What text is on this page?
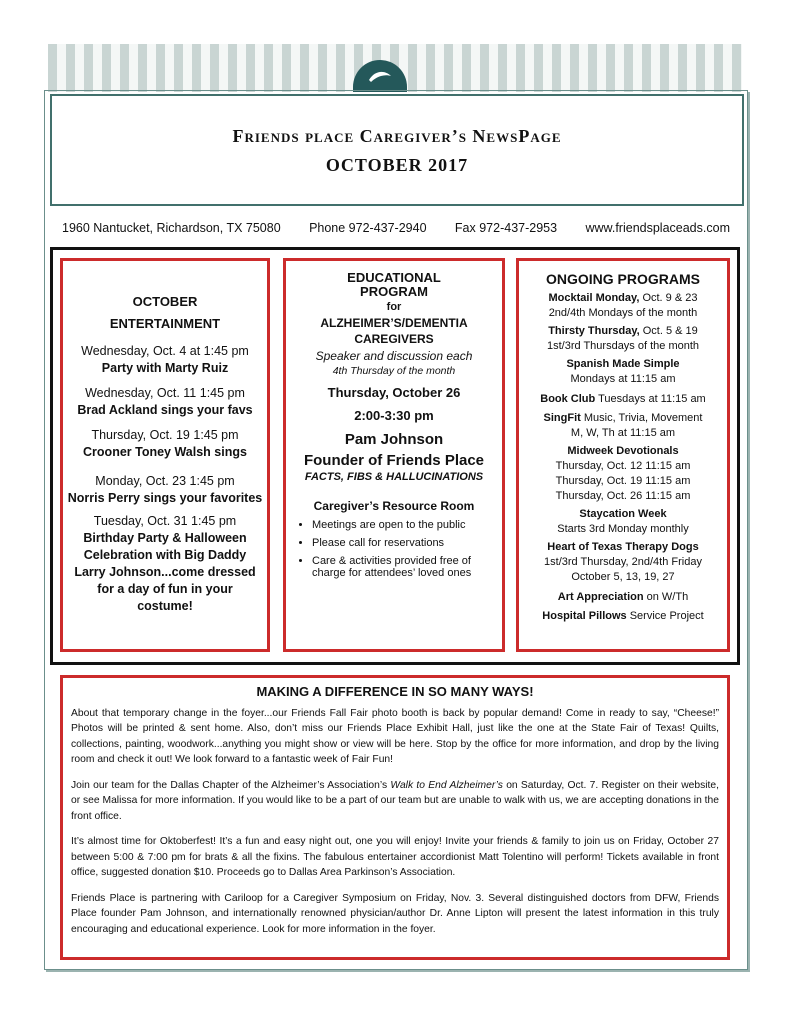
Friends place Caregiver’s NewsPage
OCTOBER 2017
1960 Nantucket, Richardson, TX 75080 Phone 972-437-2940 Fax 972-437-2953 www.friendsplaceads.com
OCTOBER ENTERTAINMENT

Wednesday, Oct. 4 at 1:45 pm

Party with Marty Ruiz

Wednesday, Oct. 11 1:45 pm

Brad Ackland sings your favs

Thursday, Oct. 19 1:45 pm

Crooner Toney Walsh sings

Monday, Oct. 23 1:45 pm

Norris Perry sings your favorites

Tuesday, Oct. 31 1:45 pm

Birthday Party & Halloween Celebration with Big Daddy Larry Johnson...come dressed for a day of fun in your costume!

EDUCATIONAL PROGRAM

for

ALZHEIMER’S/DEMENTIA CAREGIVERS

Speaker and discussion each

4th Thursday of the month

Thursday, October 26

2:00-3:30 pm

Pam Johnson

Founder of Friends Place

FACTS, FIBS & HALLUCINATIONS

Caregiver’s Resource Room

• Meetings are open to the public
• Please call for reservations
• Care & activities provided free of charge for attendees’ loved ones
ONGOING PROGRAMS

Mocktail Monday, Oct. 9 & 23

2nd/4th Mondays of the month

Thirsty Thursday, Oct. 5 & 19

1st/3rd Thursdays of the month

Spanish Made Simple

Mondays at 11:15 am

Book Club Tuesdays at 11:15 am

SingFit Music, Trivia, Movement

M, W, Th at 11:15 am

Midweek Devotionals

Thursday, Oct. 12 11:15 am

Thursday, Oct. 19 11:15 am

Thursday, Oct. 26 11:15 am

Staycation Week

Starts 3rd Monday monthly

Heart of Texas Therapy Dogs

1st/3rd Thursday, 2nd/4th Friday

October 5, 13, 19, 27

Art Appreciation on W/Th

Hospital Pillows Service Project

MAKING A DIFFERENCE IN SO MANY WAYS!

About that temporary change in the foyer...our Friends Fall Fair photo booth is back by popular demand! Come in ready to say, “Cheese!” Photos will be printed & sent home. Also, don’t miss our Friends Place Exhibit Hall, just like the one at the State Fair of Texas! Quilts, collections, painting, woodwork...anything you might show or view will be here. Stop by the office for more information, and drop by the living room and check it out! We look forward to a fantastic week of Fair Fun!

Join our team for the Dallas Chapter of the Alzheimer’s Association’s Walk to End Alzheimer’s on Saturday, Oct. 7. Register on their website, or see Malissa for more information. If you would like to be a part of our team but are unable to walk with us, we are accepting donations in the front office.

It’s almost time for Oktoberfest! It’s a fun and easy night out, one you will enjoy! Invite your friends & family to join us on Friday, October 27 between 5:00 & 7:00 pm for brats & all the fixins. The fabulous entertainer accordionist Matt Tolentino will perform! Tickets available in front office, suggested donation $10. Proceeds go to Dallas Area Parkinson’s Association.

Friends Place is partnering with Cariloop for a Caregiver Symposium on Friday, Nov. 3. Several distinguished doctors from DFW, Friends Place founder Pam Johnson, and internationally renowned physician/author Dr. Anne Lipton will present the latest information in this truly encouraging and educational experience. Look for more information in the foyer.
